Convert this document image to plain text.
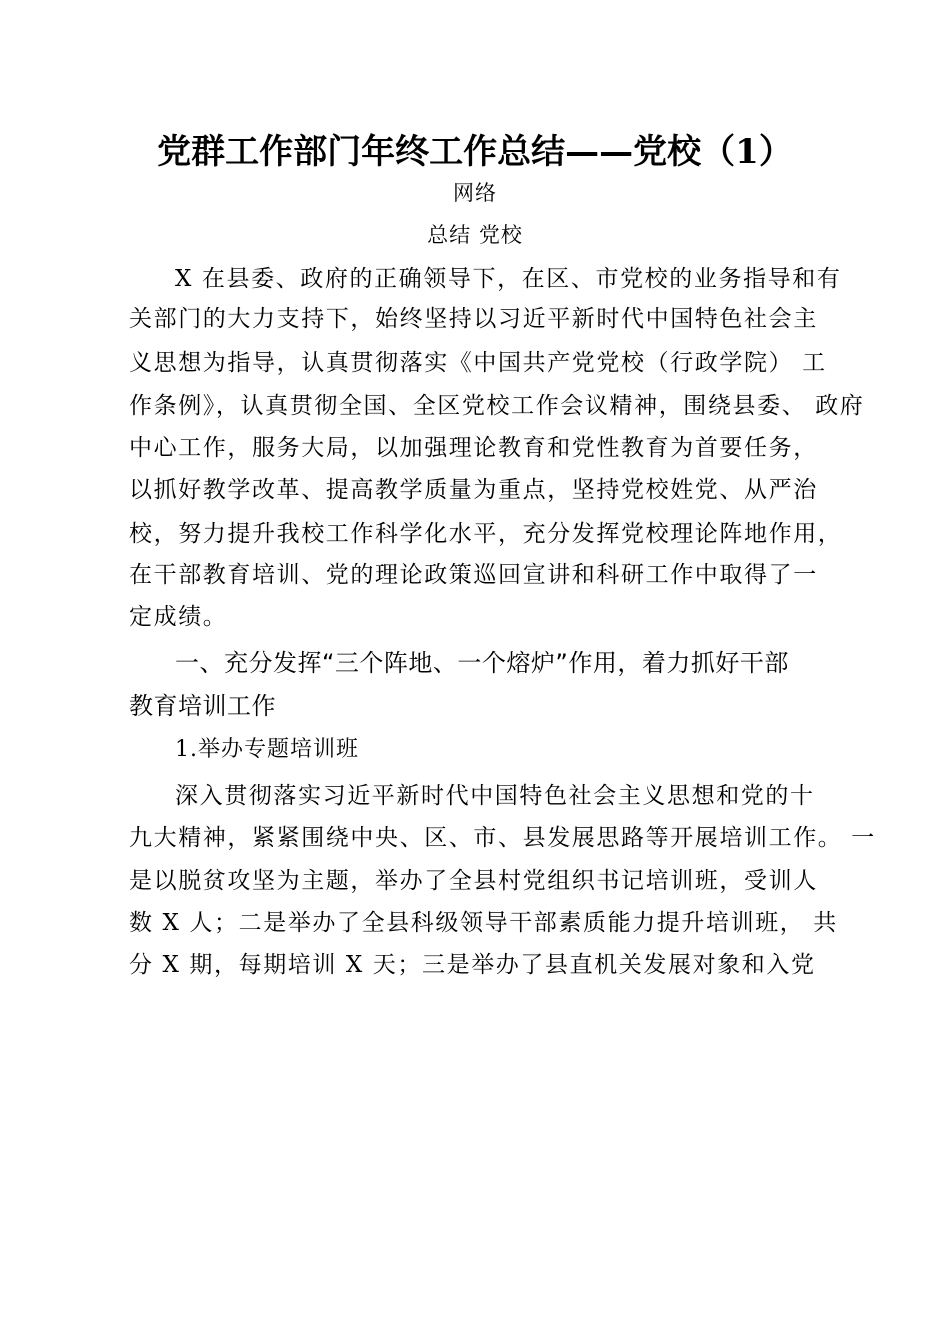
党群工作部门年终工作总结——党校（1）
网络
总结 党校
X 在县委、政府的正确领导下，在区、市党校的业务指导和有
关部门的大力支持下，始终坚持以习近平新时代中国特色社会主
义思想为指导，认真贯彻落实《中国共产党党校（行政学院） 工
作条例》，认真贯彻全国、全区党校工作会议精神，围绕县委、 政府
中心工作，服务大局，以加强理论教育和党性教育为首要任务，
以抓好教学改革、提高教学质量为重点，坚持党校姓党、从严治
校，努力提升我校工作科学化水平，充分发挥党校理论阵地作用，
在干部教育培训、党的理论政策巡回宣讲和科研工作中取得了一
定成绩。
一、充分发挥“三个阵地、一个熔炉”作用，着力抓好干部
教育培训工作
1.举办专题培训班
深入贯彻落实习近平新时代中国特色社会主义思想和党的十
九大精神，紧紧围绕中央、区、市、县发展思路等开展培训工作。 一
是以脱贫攻坚为主题，举办了全县村党组织书记培训班，受训人
数 X 人；二是举办了全县科级领导干部素质能力提升培训班， 共
分 X 期，每期培训 X 天；三是举办了县直机关发展对象和入党
